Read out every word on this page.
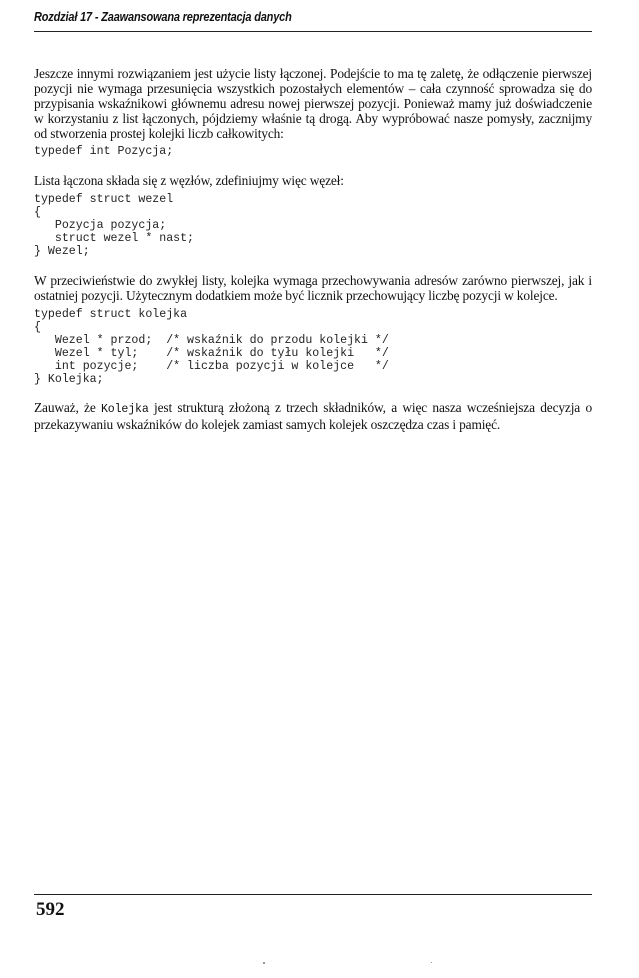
Rozdział 17 - Zaawansowana reprezentacja danych

Jeszcze innymi rozwiązaniem jest użycie listy łączonej. Podejście to ma tę zaletę, że odłączenie pierwszej pozycji nie wymaga przesunięcia wszystkich pozostałych elementów – cała czynność sprowadza się do przypisania wskaźnikowi głównemu adresu nowej pierwszej pozycji. Ponieważ mamy już doświadczenie w korzystaniu z list łączonych, pójdziemy właśnie tą drogą. Aby wypróbować nasze pomysły, zacznijmy od stworzenia prostej kolejki liczb całkowitych:

typedef int Pozycja;

Lista łączona składa się z węzłów, zdefiniujmy więc węzeł:

typedef struct wezel
{
Pozycja pozycja;
struct wezel * nast;
} Wezel;

W przeciwieństwie do zwykłej listy, kolejka wymaga przechowywania adresów zarówno pierwszej, jak i ostatniej pozycji. Użytecznym dodatkiem może być licznik przechowujący liczbę pozycji w kolejce.

typedef struct kolejka
{
Wezel * przod;  /* wskaźnik do przodu kolejki */
Wezel * tyl;    /* wskaźnik do tyłu kolejki   */
int pozycje;    /* liczba pozycji w kolejce   */
} Kolejka;

Zauważ, że Kolejka jest strukturą złożoną z trzech składników, a więc nasza wcześniejsza decyzja o przekazywaniu wskaźników do kolejek zamiast samych kolejek oszczędza czas i pamięć.

592
